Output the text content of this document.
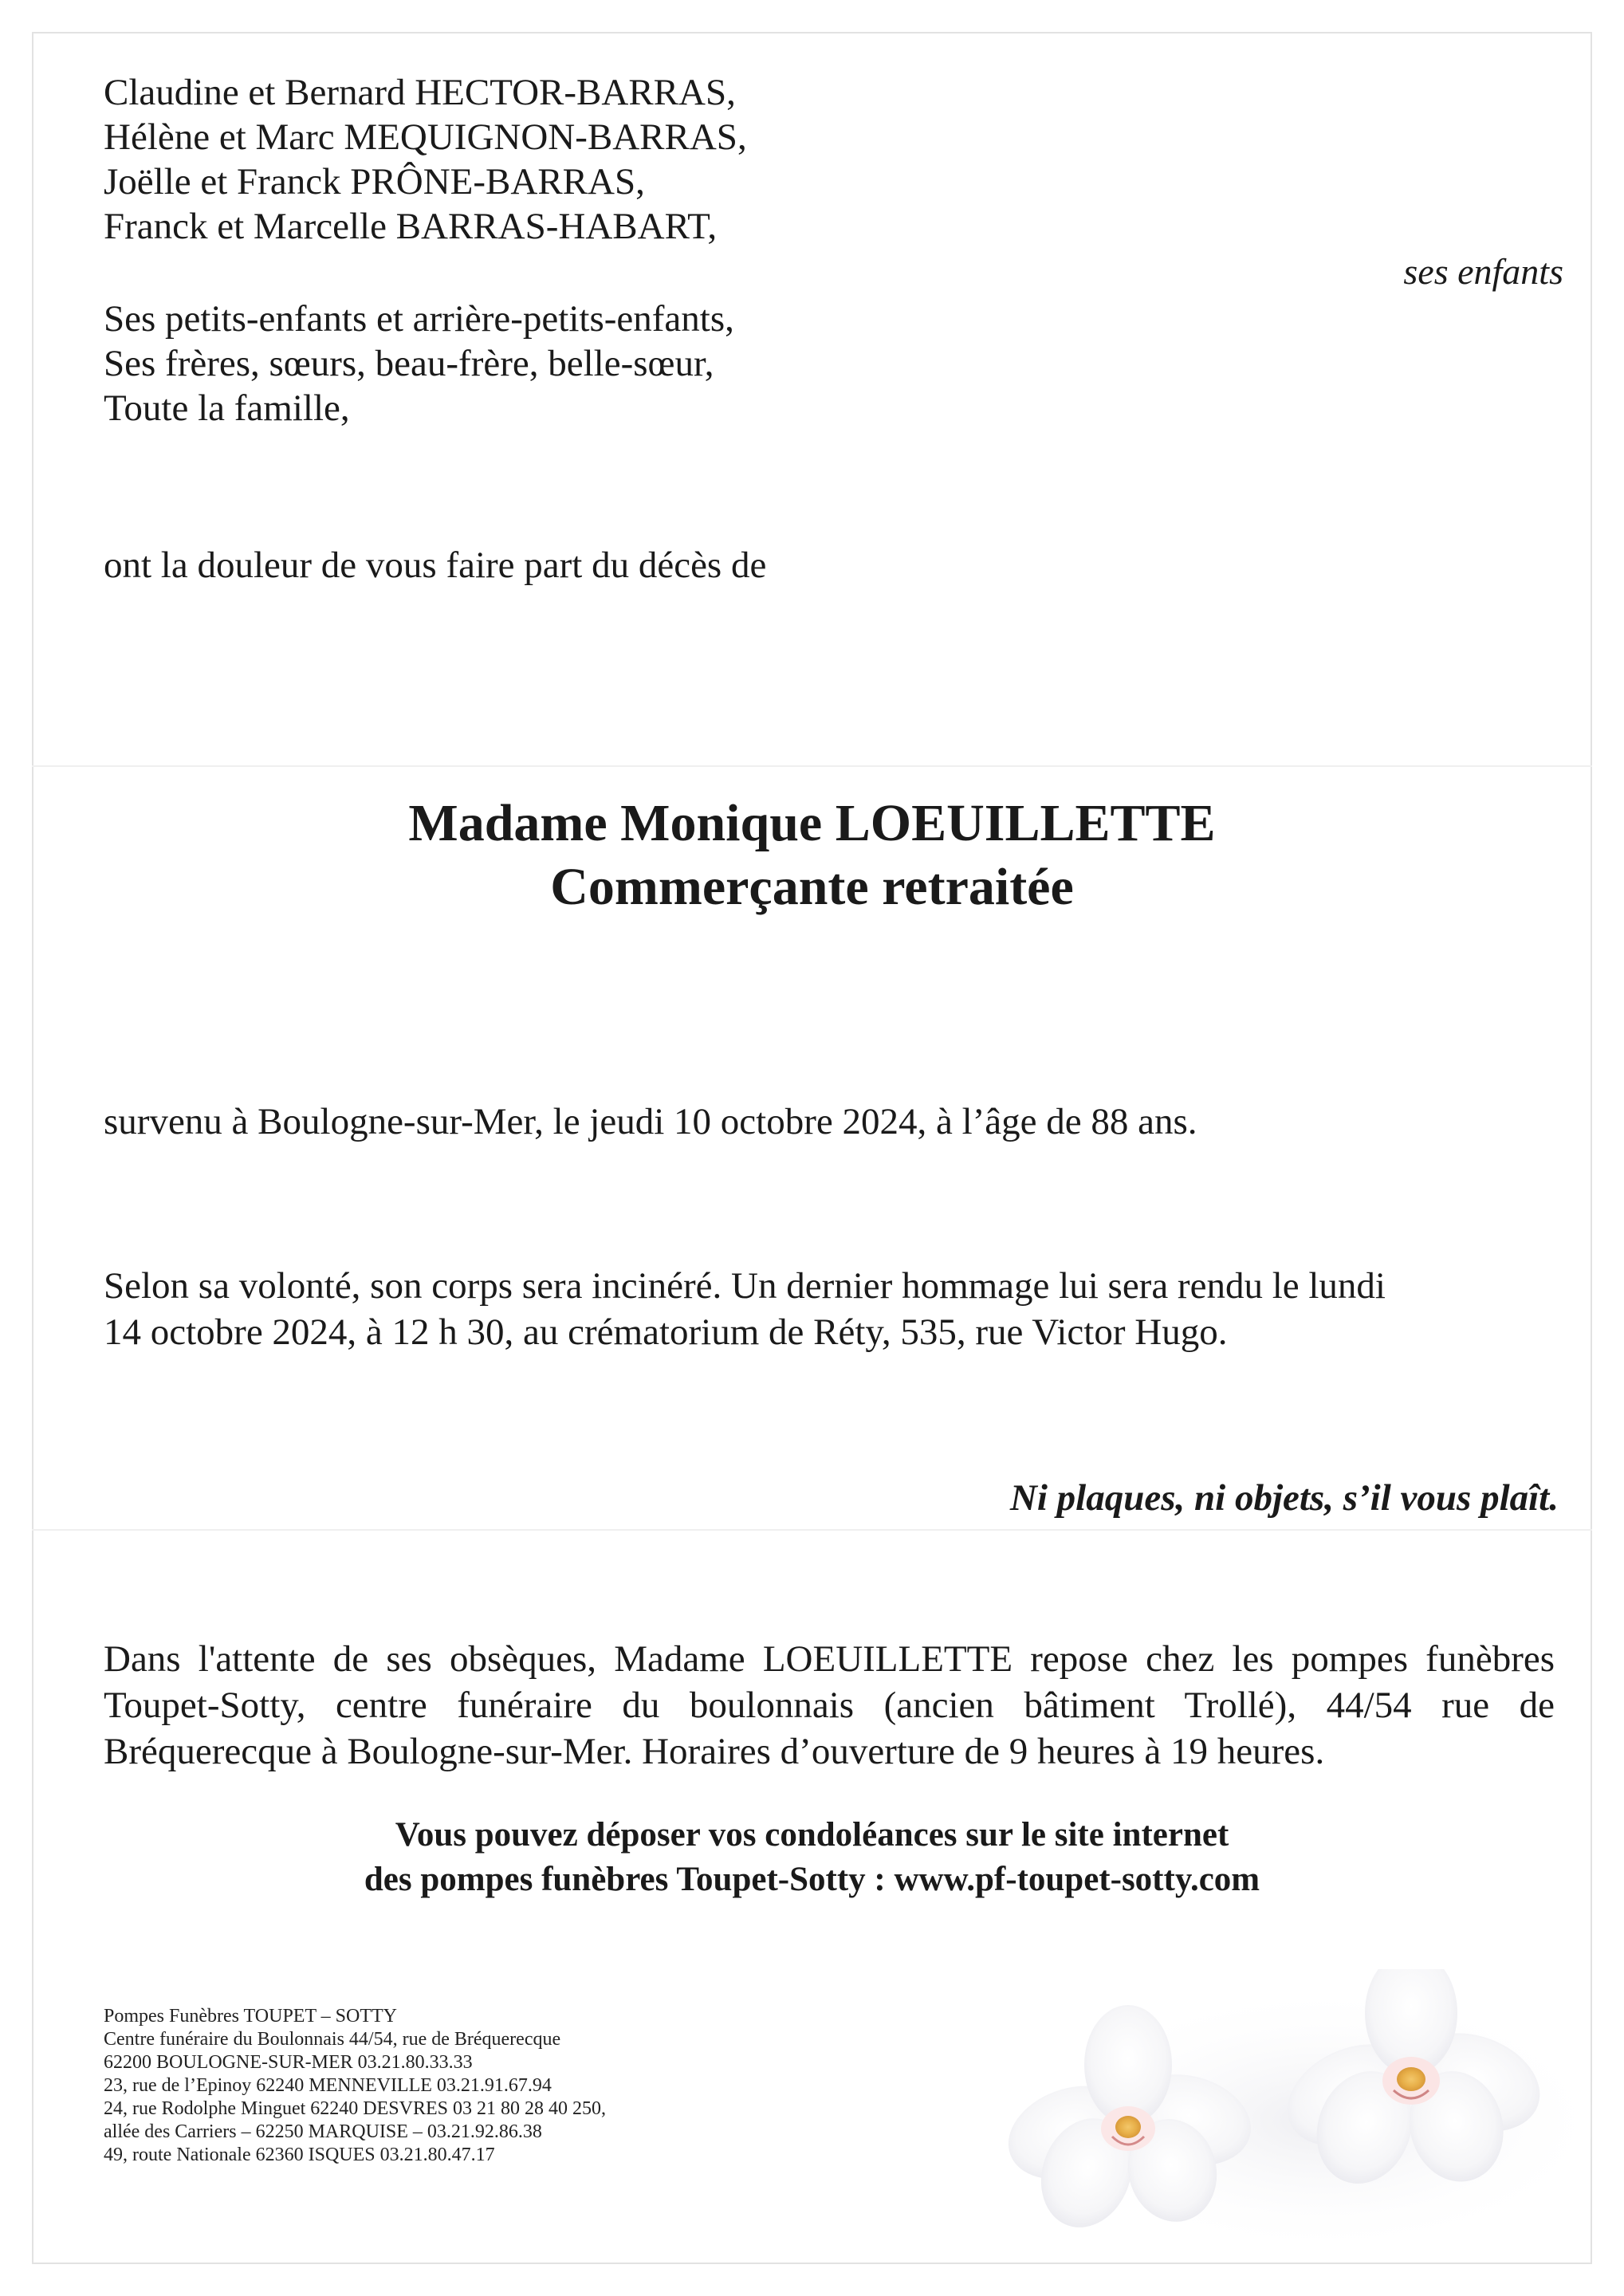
Claudine et Bernard HECTOR-BARRAS,
Hélène et Marc MEQUIGNON-BARRAS,
Joëlle et Franck PRÔNE-BARRAS,
Franck et Marcelle BARRAS-HABART,
Ses petits-enfants et arrière-petits-enfants,
Ses frères, sœurs, beau-frère, belle-sœur,
Toute la famille,
ses enfants
ont la douleur de vous faire part du décès de
Madame Monique LOEUILLETTE
Commerçante retraitée
survenu à Boulogne-sur-Mer, le jeudi 10 octobre 2024, à l’âge de 88 ans.
Selon sa volonté, son corps sera incinéré. Un dernier hommage lui sera rendu le lundi
14 octobre 2024, à 12 h 30, au crématorium de Réty, 535, rue Victor Hugo.
Ni plaques, ni objets, s’il vous plaît.
Dans l'attente de ses obsèques, Madame LOEUILLETTE repose chez les pompes funèbres
Toupet-Sotty, centre funéraire du boulonnais (ancien bâtiment Trollé), 44/54 rue de
Bréquerecque à Boulogne-sur-Mer. Horaires d’ouverture de 9 heures à 19 heures.
Vous pouvez déposer vos condoléances sur le site internet
des pompes funèbres Toupet-Sotty : www.pf-toupet-sotty.com
Pompes Funèbres TOUPET – SOTTY
Centre funéraire du Boulonnais 44/54, rue de Bréquerecque
62200 BOULOGNE-SUR-MER 03.21.80.33.33
23, rue de l’Epinoy 62240 MENNEVILLE 03.21.91.67.94
24, rue Rodolphe Minguet 62240 DESVRES 03 21 80 28 40 250,
allée des Carriers – 62250 MARQUISE – 03.21.92.86.38
49, route Nationale 62360 ISQUES 03.21.80.47.17
